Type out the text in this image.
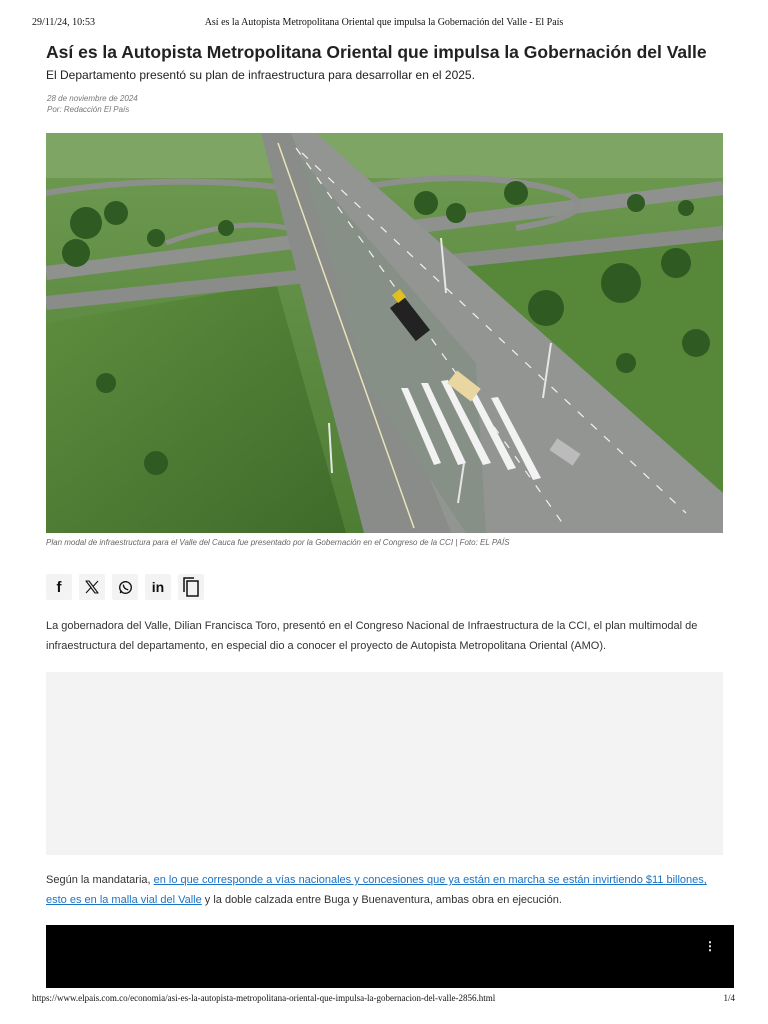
29/11/24, 10:53	Así es la Autopista Metropolitana Oriental que impulsa la Gobernación del Valle - El País
Así es la Autopista Metropolitana Oriental que impulsa la Gobernación del Valle

El Departamento presentó su plan de infraestructura para desarrollar en el 2025.

28 de noviembre de 2024
Por: Redacción El País
Plan modal de infraestructura para el Valle del Cauca fue presentado por la Gobernación en el Congreso de la CCI | Foto: EL PAÍS
f	in

La gobernadora del Valle, Dilian Francisca Toro, presentó en el Congreso Nacional de Infraestructura de la CCI, el plan multimodal de infraestructura del departamento, en especial dio a conocer el proyecto de Autopista Metropolitana Oriental (AMO).

Según la mandataria, en lo que corresponde a vías nacionales y concesiones que ya están en marcha se están invirtiendo $11 billones, esto es en la malla vial del Valle y la doble calzada entre Buga y Buenaventura, ambas obra en ejecución.

⋮
https://www.elpais.com.co/economia/asi-es-la-autopista-metropolitana-oriental-que-impulsa-la-gobernacion-del-valle-2856.html	1/4
